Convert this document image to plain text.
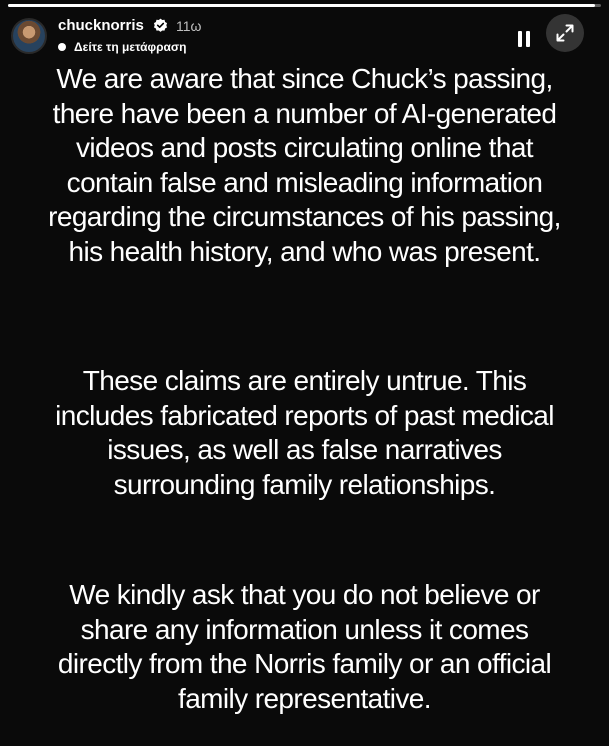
chucknorris 11ω
Δείτε τη μετάφραση

We are aware that since Chuck’s passing,
there have been a number of AI-generated
videos and posts circulating online that
contain false and misleading information
regarding the circumstances of his passing,
his health history, and who was present.

These claims are entirely untrue. This
includes fabricated reports of past medical
issues, as well as false narratives
surrounding family relationships.

We kindly ask that you do not believe or
share any information unless it comes
directly from the Norris family or an official
family representative.
